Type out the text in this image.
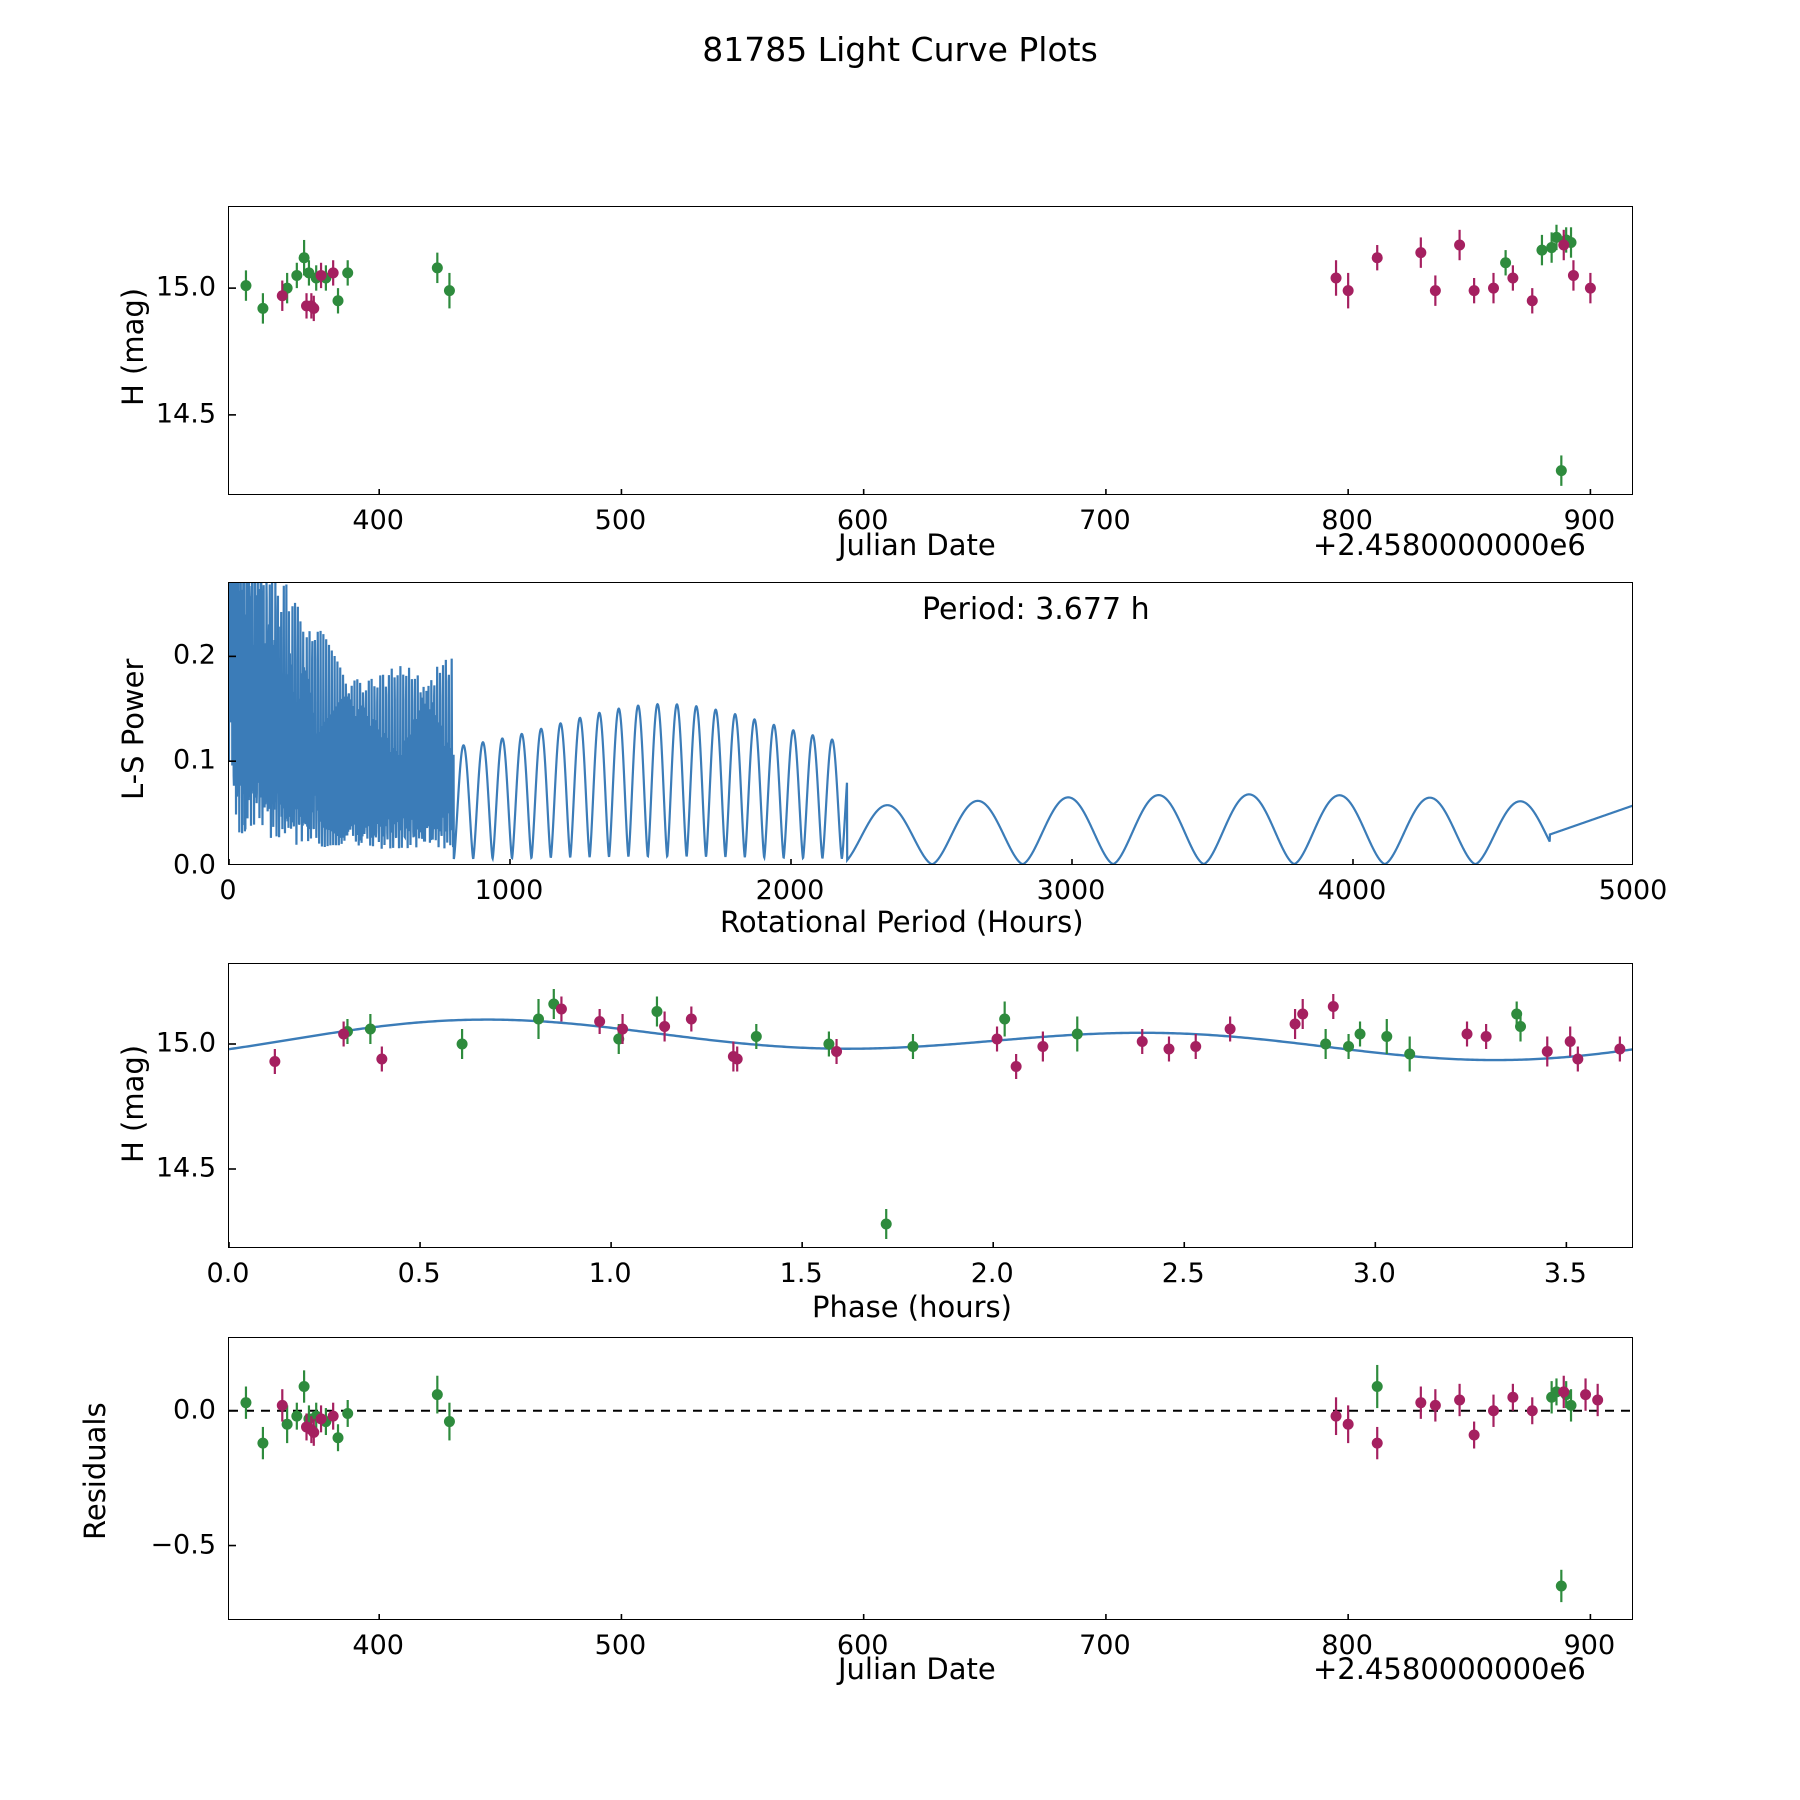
81785 Light Curve Plots
H (mag)
Julian Date	+2.4580000000e6
400	500	600	700	800	900
14.5
15.0
Period: 3.677 h
L-S Power
Rotational Period (Hours)
0	1000	2000	3000	4000	5000
0.0
0.1
0.2
H (mag)
Phase (hours)
0.0	0.5	1.0	1.5	2.0	2.5	3.0	3.5
14.5
15.0
Residuals
Julian Date	+2.4580000000e6
400	500	600	700	800	900
−0.5
0.0
